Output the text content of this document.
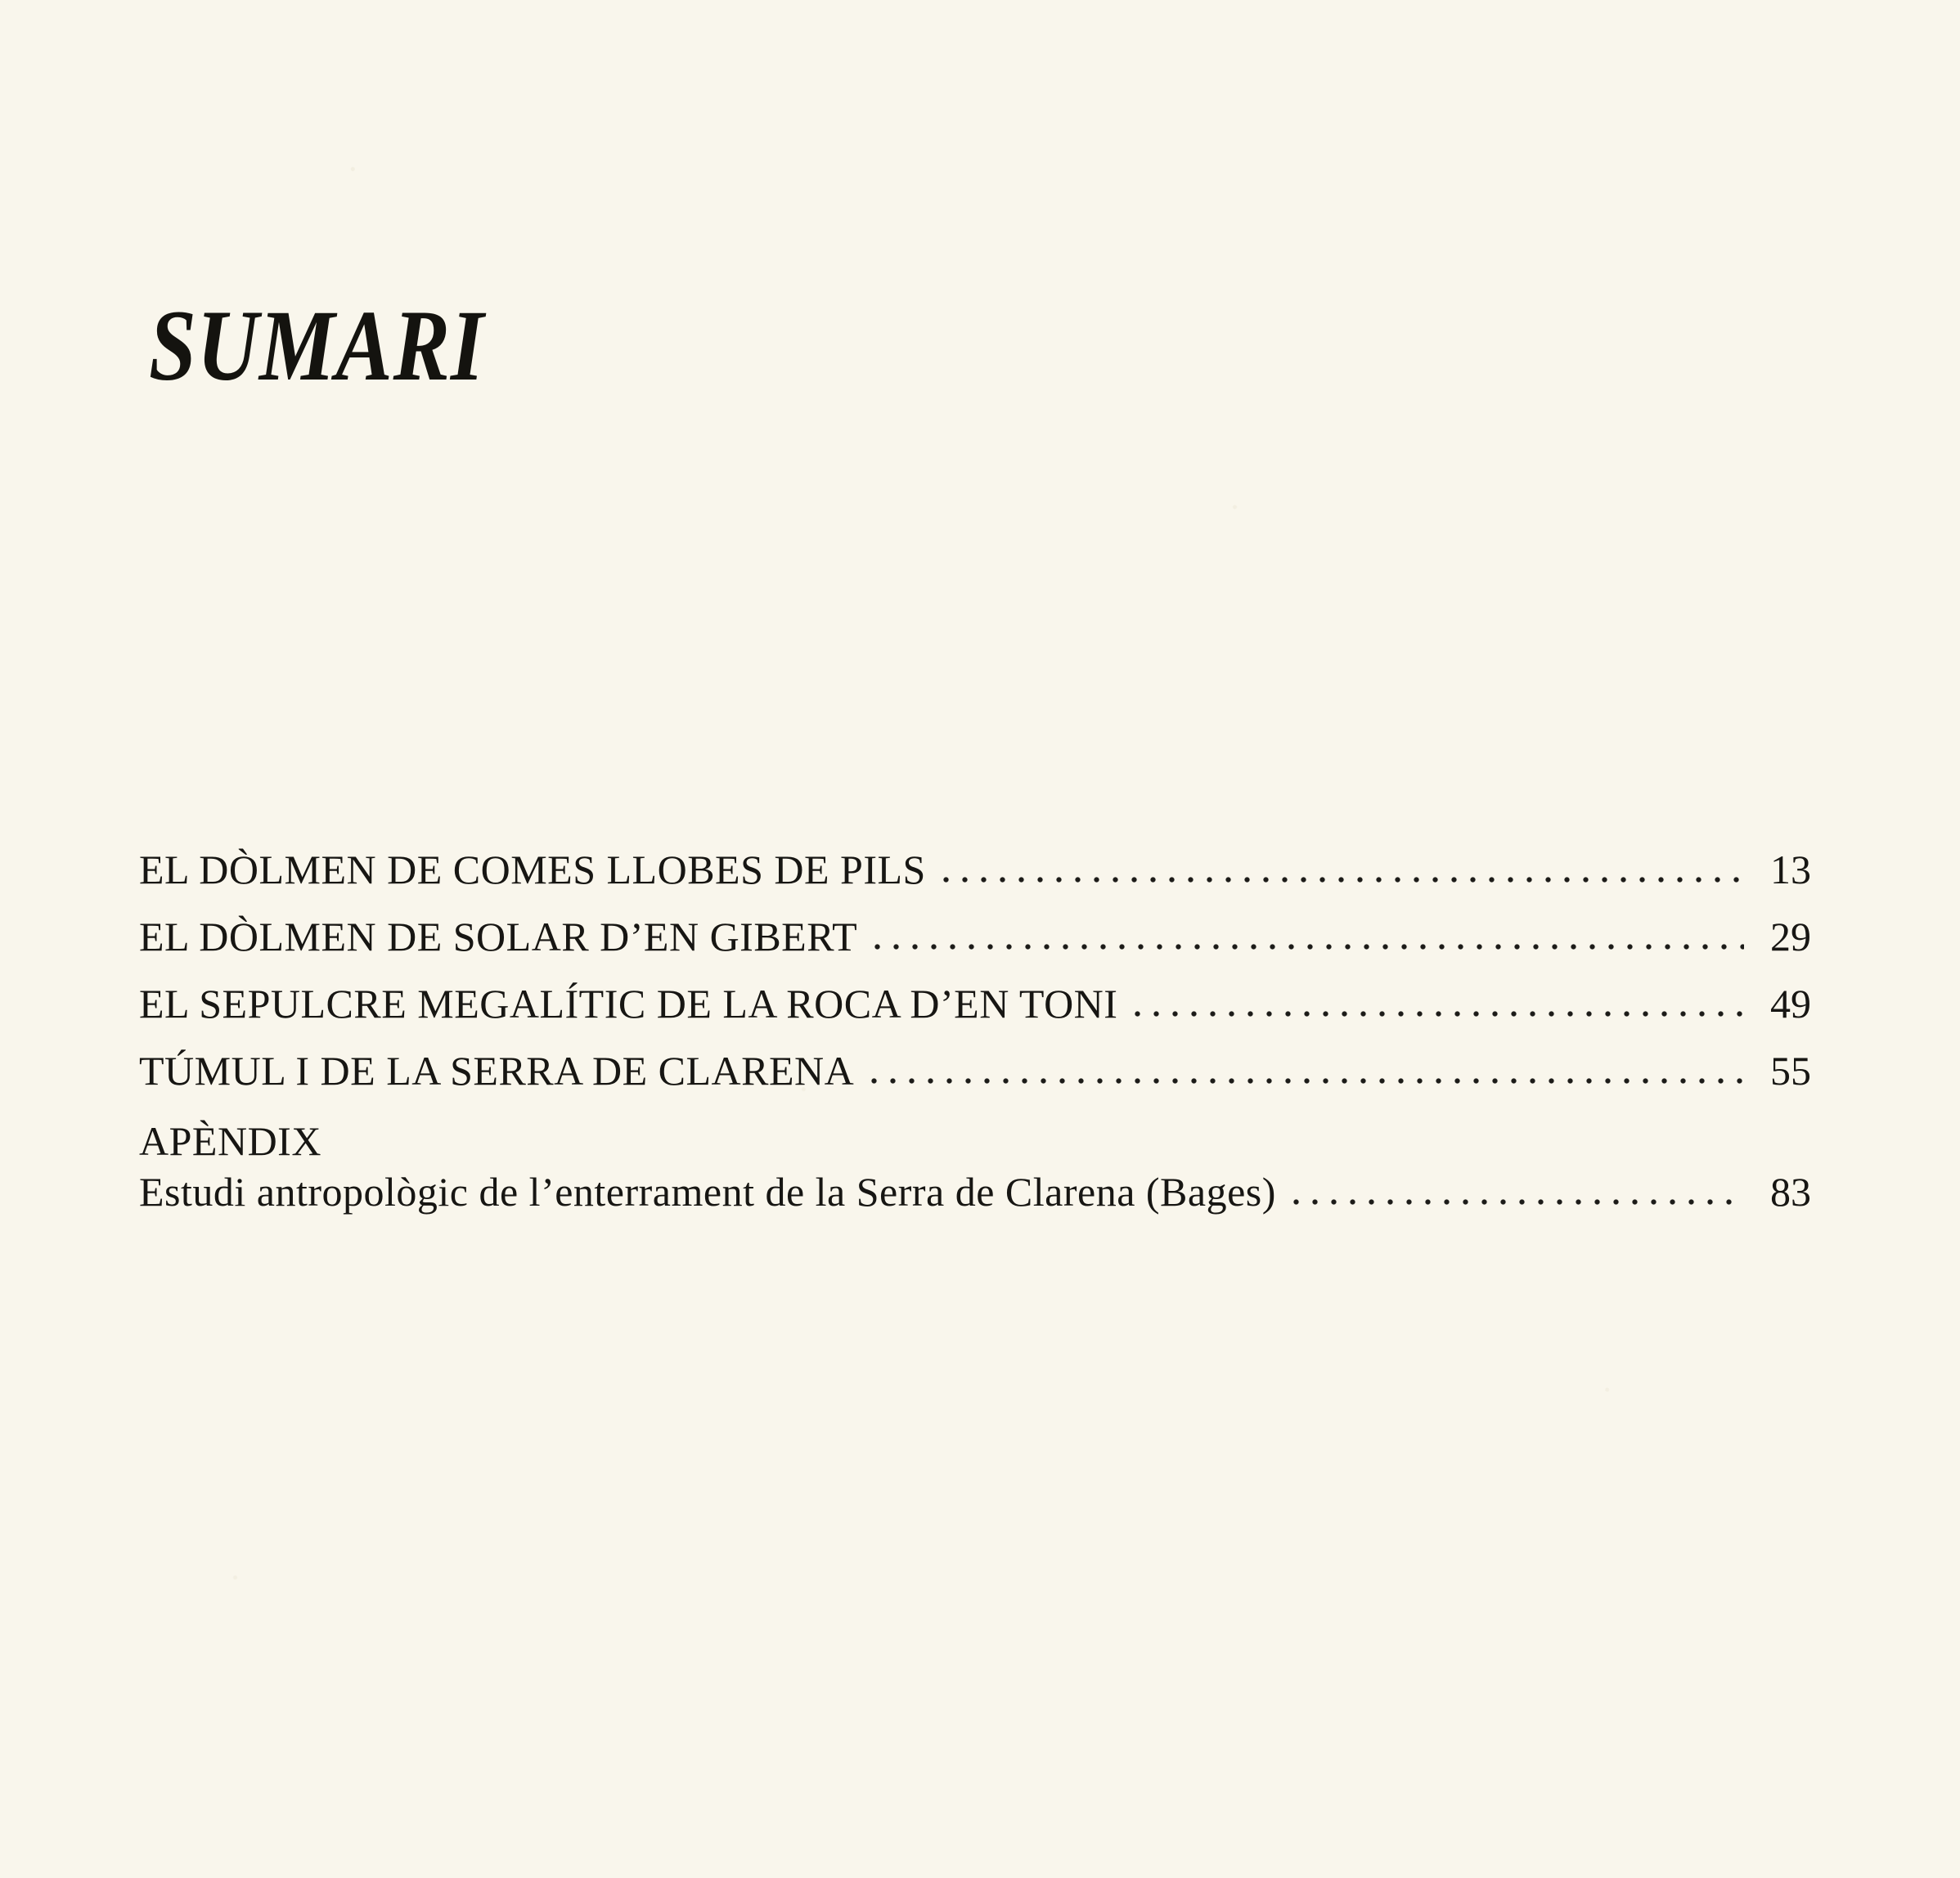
SUMARI
EL DÒLMEN DE COMES LLOBES DE PILS	13
EL DÒLMEN DE SOLAR D’EN GIBERT	29
EL SEPULCRE MEGALÍTIC DE LA ROCA D’EN TONI	49
TÚMUL I DE LA SERRA DE CLARENA	55
APÈNDIX
Estudi antropològic de l’enterrament de la Serra de Clarena (Bages)	83
